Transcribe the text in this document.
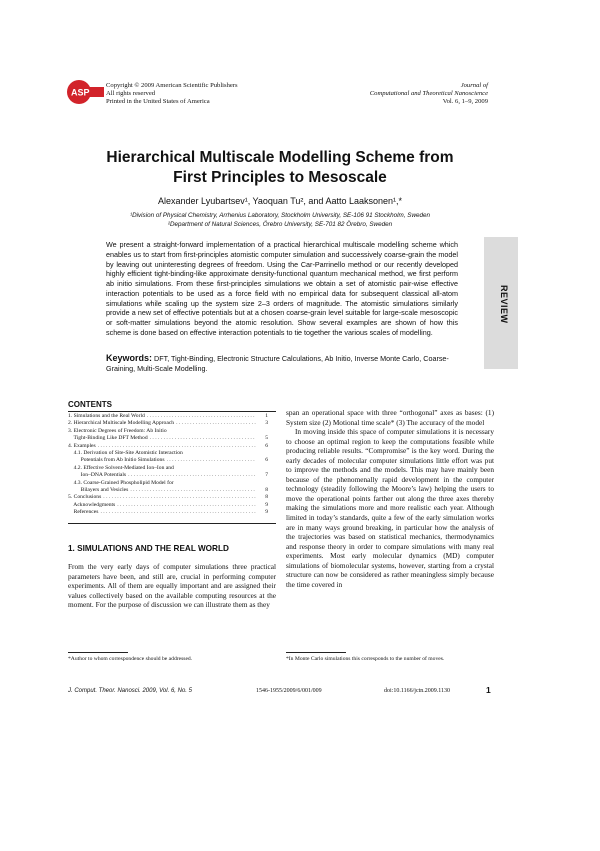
ASP
Copyright © 2009 American Scientific Publishers
All rights reserved
Printed in the United States of America
Journal of
Computational and Theoretical Nanoscience
Vol. 6, 1–9, 2009
Hierarchical Multiscale Modelling Scheme from
First Principles to Mesoscale
Alexander Lyubartsev¹, Yaoquan Tu², and Aatto Laaksonen¹,*
¹Division of Physical Chemistry, Arrhenius Laboratory, Stockholm University, SE-106 91 Stockholm, Sweden
²Department of Natural Sciences, Örebro University, SE-701 82 Örebro, Sweden
We present a straight-forward implementation of a practical hierarchical multiscale modelling scheme which enables us to start from first-principles atomistic computer simulation and successively coarse-grain the model by leaving out uninteresting degrees of freedom. Using the Car-Parrinello method or our recently developed highly efficient tight-binding-like approximate density-functional quantum mechanical method, we first perform ab initio simulations. From these first-principles simulations we obtain a set of atomistic pair-wise effective interaction potentials to be used as a force field with no empirical data for subsequent classical all-atom simulations while scaling up the system size 2–3 orders of magnitude. The atomistic simulations similarly provide a new set of effective potentials but at a chosen coarse-grain level suitable for large-scale mesoscopic or soft-matter simulations beyond the atomic resolution. Show several examples are shown of how this scheme is done based on effective interaction potentials to tie together the various scales of modelling.
Keywords: DFT, Tight-Binding, Electronic Structure Calculations, Ab Initio, Inverse Monte Carlo, Coarse-Graining, Multi-Scale Modelling.
REVIEW
CONTENTS
1. Simulations and the Real World . . .	1
2. Hierarchical Multiscale Modelling Approach . . .	3
3. Electronic Degrees of Freedom: Ab Initio
Tight-Binding Like DFT Method . . .	5
4. Examples . . .	6
4.1. Derivation of Site-Site Atomistic Interaction
Potentials from Ab Initio Simulations . . .	6
4.2. Effective Solvent-Mediated Ion–Ion and
Ion–DNA Potentials . . .	7
4.3. Coarse-Grained Phospholipid Model for
Bilayers and Vesicles . . .	8
5. Conclusions . . .	8
Acknowledgments . . .	9
References . . .	9
1. SIMULATIONS AND THE REAL WORLD
From the very early days of computer simulations three practical parameters have been, and still are, crucial in performing computer experiments. All of them are equally important and are assigned their values collectively based on the available computing resources at the moment. For the purpose of discussion we can illustrate them as they
span an operational space with three “orthogonal” axes as bases: (1) System size (2) Motional time scale* (3) The accuracy of the model
In moving inside this space of computer simulations it is necessary to choose an optimal region to keep the computations feasible while producing reliable results. “Compromise” is the key word. During the early decades of molecular computer simulations little effort was put to improve the methods and the models. This may have mainly been because of the phenomenally rapid development in the computer technology (steadily following the Moore’s law) helping the users to move the operational points farther out along the three axes thereby making the simulations more and more realistic each year. Although limited in today’s standards, quite a few of the early simulation works are in many ways ground breaking, in particular how the analysis of the trajectories was based on statistical mechanics, thermodynamics and response theory in order to compare simulations with many real experiments. Most early molecular dynamics (MD) computer simulations of biomolecular systems, however, starting from a crystal structure can now be considered as rather meaningless simply because the time covered in
*Author to whom correspondence should be addressed.	*In Monte Carlo simulations this corresponds to the number of moves.
J. Comput. Theor. Nanosci. 2009, Vol. 6, No. 5	1546-1955/2009/6/001/009	doi:10.1166/jctn.2009.1130	1
